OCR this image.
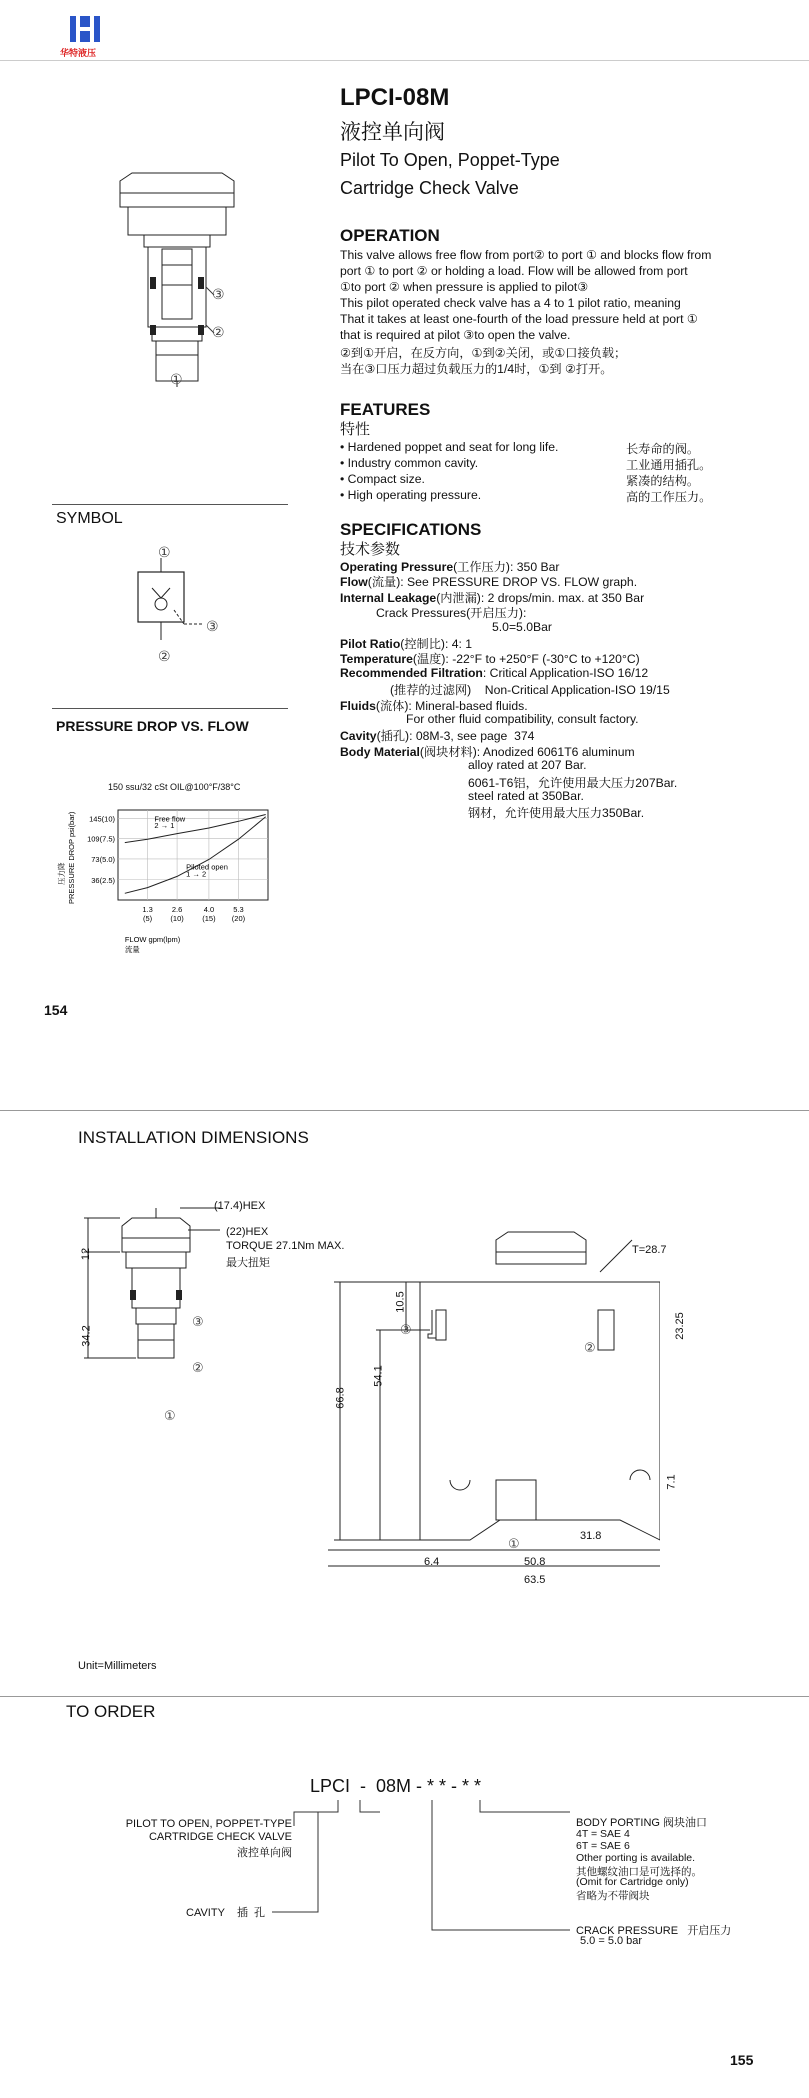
华特液压
LPCI-08M
液控单向阀
Pilot To Open, Poppet-Type
Cartridge Check Valve
③
②
①
OPERATION
This valve allows free flow from port② to port ① and blocks flow from
port ① to port ② or holding a load. Flow will be allowed from port
①to port ② when pressure is applied to pilot③
This pilot operated check valve has a 4 to 1 pilot ratio, meaning
That it takes at least one-fourth of the load pressure held at port ①
that is required at pilot ③to open the valve.
②到①开启，在反方向，①到②关闭，或①口接负载；
当在③口压力超过负载压力的1/4时，①到 ②打开。
FEATURES
特性
• Hardened poppet and seat for long life.	长寿命的阀。
• Industry common cavity.	工业通用插孔。
• Compact size.	紧凑的结构。
• High operating pressure.	高的工作压力。
SPECIFICATIONS
技术参数
Operating Pressure(工作压力): 350 Bar
Flow(流量): See PRESSURE DROP VS. FLOW graph.
Internal Leakage(内泄漏): 2 drops/min. max. at 350 Bar
Crack Pressures(开启压力):
5.0=5.0Bar
Pilot Ratio(控制比): 4: 1
Temperature(温度): -22°F to +250°F (-30°C to +120°C)
Recommended Filtration: Critical Application-ISO 16/12
(推荐的过滤网)    Non-Critical Application-ISO 19/15
Fluids(流体): Mineral-based fluids.
For other fluid compatibility, consult factory.
Cavity(插孔): 08M-3, see page  374
Body Material(阀块材料): Anodized 6061T6 aluminum
alloy rated at 207 Bar.
6061-T6铝，允许使用最大压力207Bar.
steel rated at 350Bar.
钢材，允许使用最大压力350Bar.
SYMBOL
①
③
②
PRESSURE DROP VS. FLOW
150 ssu/32 cSt OIL@100°F/38°C
36(2.5)
73(5.0)
109(7.5)
145(10)
1.3
(5)
2.6
(10)
4.0
(15)
5.3
(20)
Free flow
2 → 1
Piloted open
1 → 2
压力降 PRESSURE DROP psi(bar)
FLOW gpm(lpm)
流量
154
INSTALLATION DIMENSIONS
(17.4)HEX
(22)HEX
TORQUE 27.1Nm MAX.
最大扭矩
12
34.2
③
②
①
T=28.7
23.25
10.5
54.1
66.8
7.1
31.8
6.4	50.8
63.5
③
②
①
Unit=Millimeters
TO ORDER
LPCI  -  08M - * * - * *
PILOT TO OPEN, POPPET-TYPE
CARTRIDGE CHECK VALVE
液控单向阀
CAVITY    插  孔
BODY PORTING 阀块油口
4T = SAE 4
6T = SAE 6
Other porting is available.
其他螺纹油口是可选择的。
(Omit for Cartridge only)
省略为不带阀块
CRACK PRESSURE   开启压力
5.0 = 5.0 bar
155
